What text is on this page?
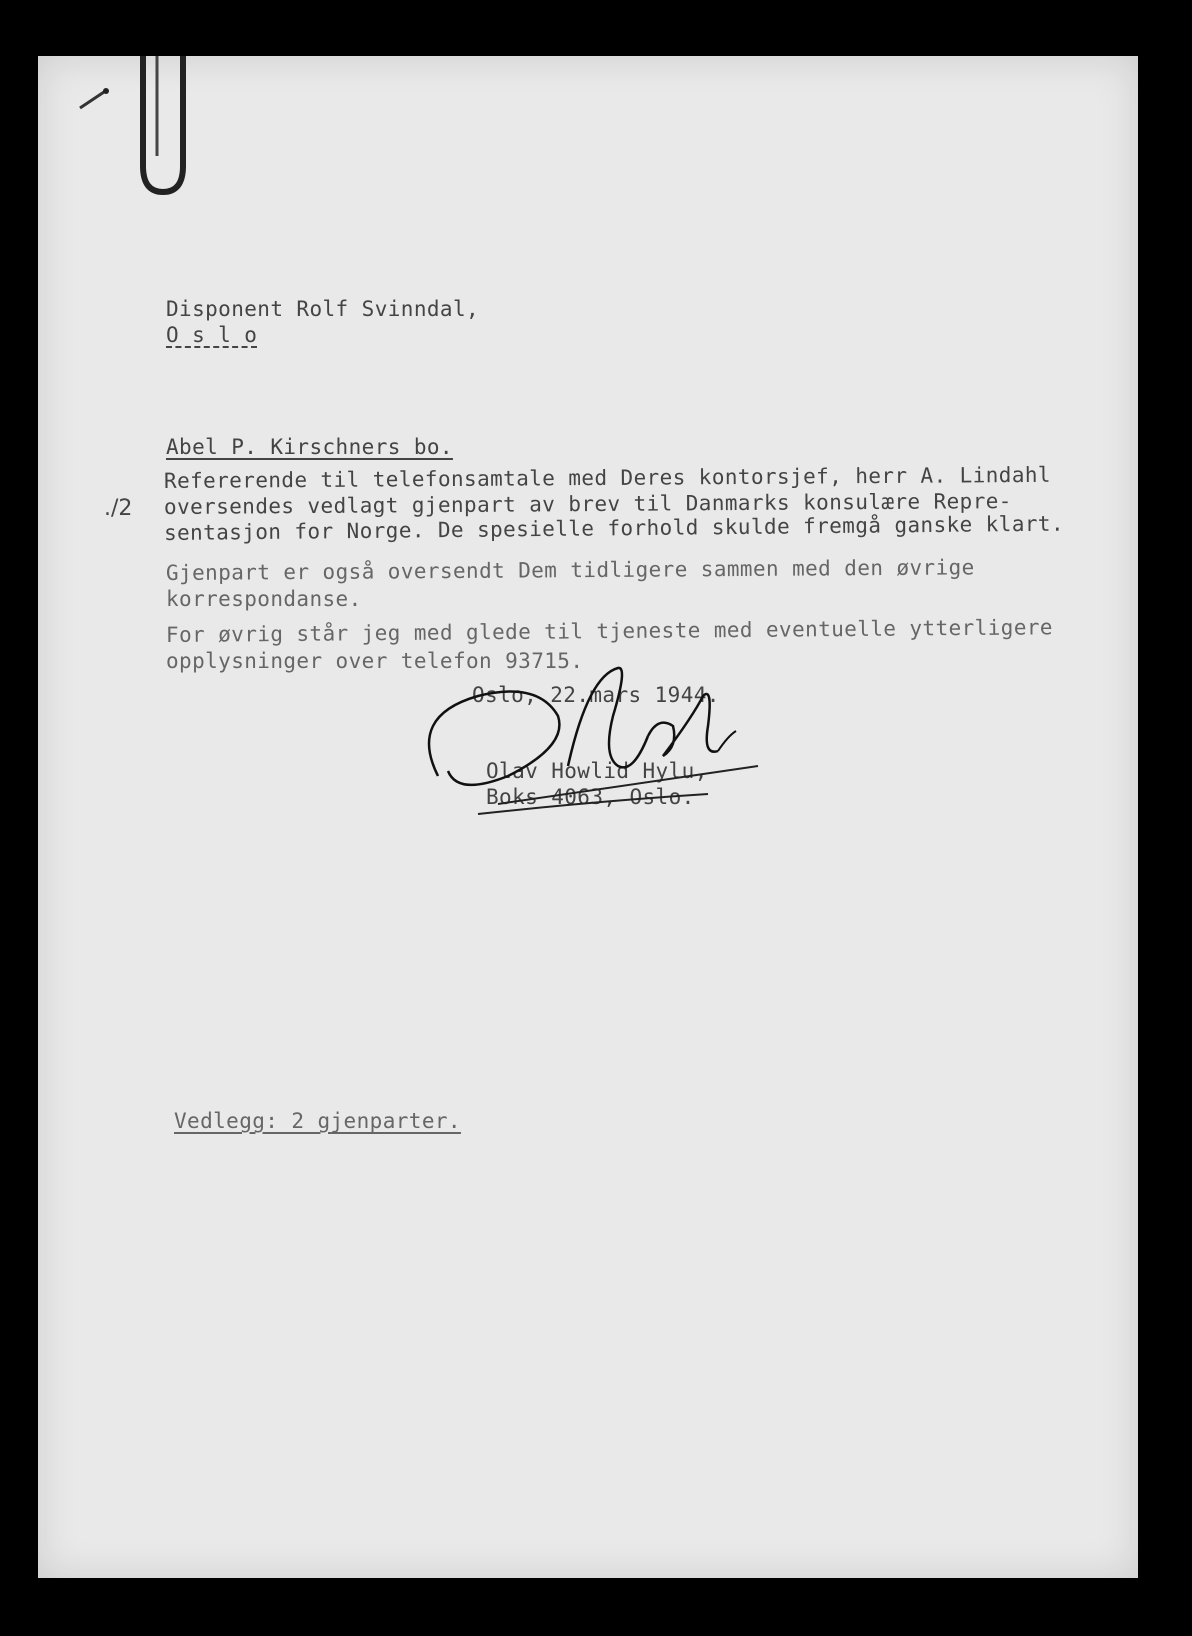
Disponent Rolf Svinndal,
O s l o
Abel P. Kirschners bo.
./2
Refererende til telefonsamtale med Deres kontorsjef, herr A. Lindahl
oversendes vedlagt gjenpart av brev til Danmarks konsulære Repre-
sentasjon for Norge. De spesielle forhold skulde fremgå ganske klart.
Gjenpart er også oversendt Dem tidligere sammen med den øvrige
korrespondanse.
For øvrig står jeg med glede til tjeneste med eventuelle ytterligere
opplysninger over telefon 93715.
Oslo, 22.mars 1944.
Olav Howlid Hylu,
Boks 4063, Oslo.
Vedlegg: 2 gjenparter.
